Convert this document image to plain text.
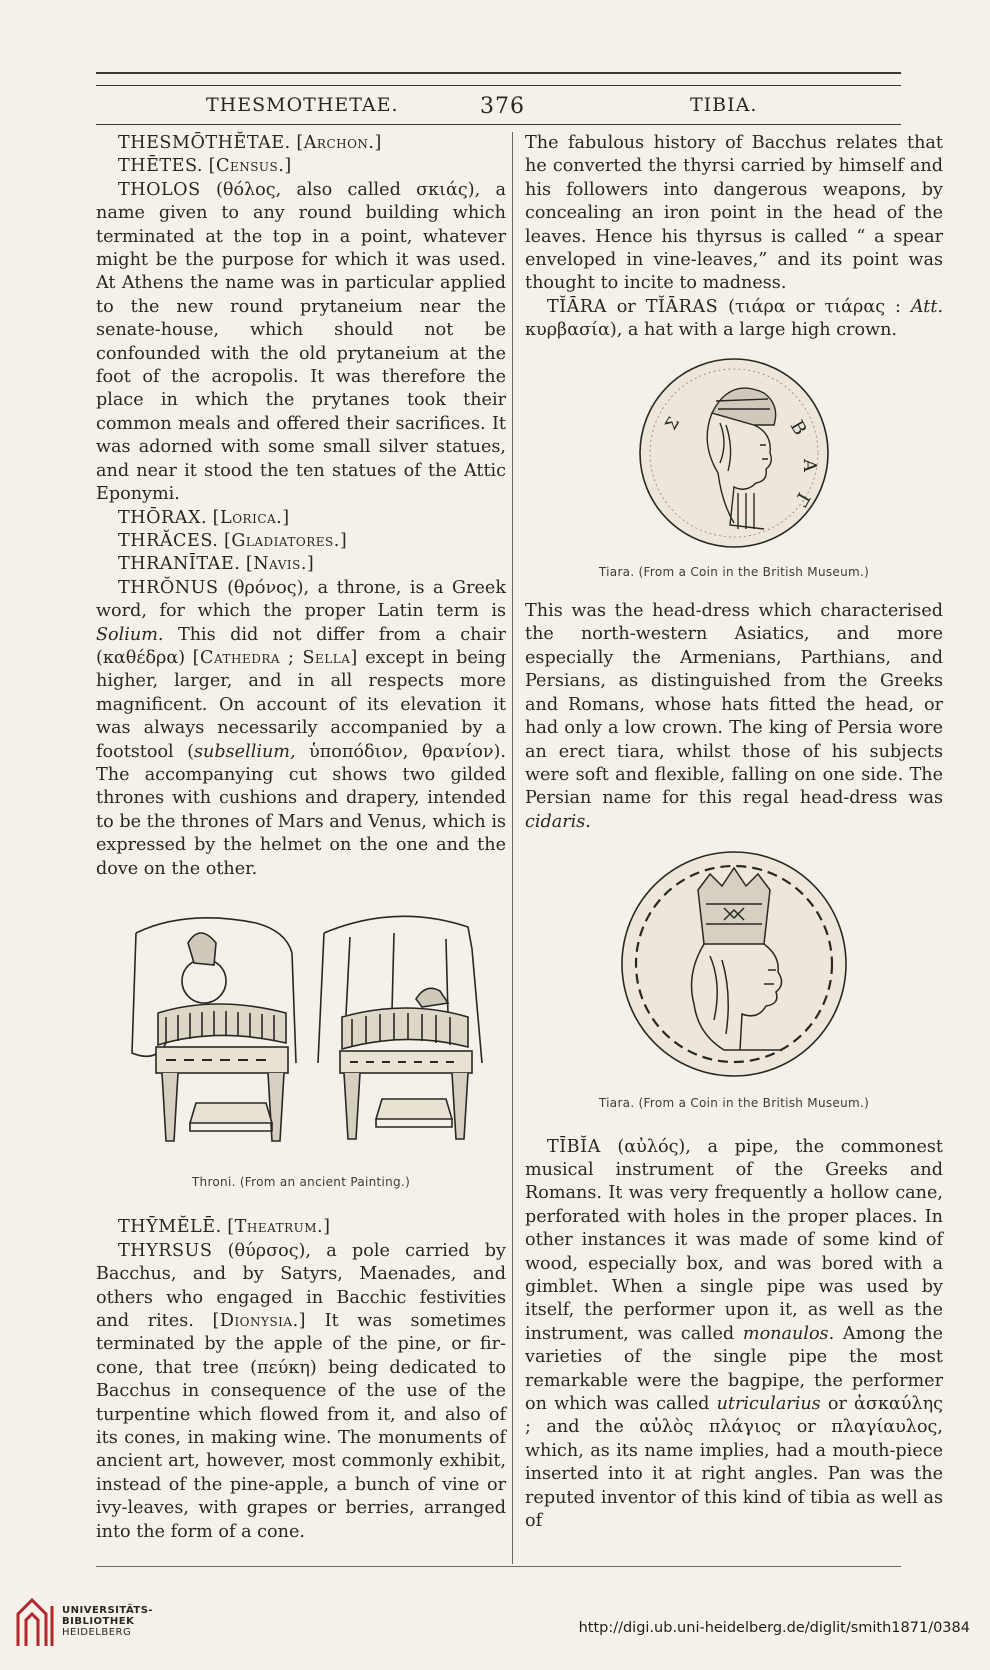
THESMOTHETAE.	376	TIBIA.

THESMŌTHĔTAE. [Archon.]

THĒTES. [Census.]

THOLOS (θόλος, also called σκιάς), a name given to any round building which terminated at the top in a point, whatever might be the purpose for which it was used. At Athens the name was in particular applied to the new round prytaneium near the senate-house, which should not be confounded with the old prytaneium at the foot of the acropolis. It was therefore the place in which the prytanes took their common meals and offered their sacrifices. It was adorned with some small silver statues, and near it stood the ten statues of the Attic Eponymi.

THŌRAX. [Lorica.]

THRĂCES. [Gladiatores.]

THRANĪTAE. [Navis.]

THRŎNUS (θρόνος), a throne, is a Greek word, for which the proper Latin term is Solium. This did not differ from a chair (καθέδρα) [Cathedra ; Sella] except in being higher, larger, and in all respects more magnificent. On account of its elevation it was always necessarily accompanied by a footstool (subsellium, ὑποπόδιον, θρανίον). The accompanying cut shows two gilded thrones with cushions and drapery, intended to be the thrones of Mars and Venus, which is expressed by the helmet on the one and the dove on the other.

Throni. (From an ancient Painting.)

THȲMĔLĒ. [Theatrum.]

THYRSUS (θύρσος), a pole carried by Bacchus, and by Satyrs, Maenades, and others who engaged in Bacchic festivities and rites. [Dionysia.] It was sometimes terminated by the apple of the pine, or fir-cone, that tree (πεύκη) being dedicated to Bacchus in consequence of the use of the turpentine which flowed from it, and also of its cones, in making wine. The monuments of ancient art, however, most commonly exhibit, instead of the pine-apple, a bunch of vine or ivy-leaves, with grapes or berries, arranged into the form of a cone.

The fabulous history of Bacchus relates that he converted the thyrsi carried by himself and his followers into dangerous weapons, by concealing an iron point in the head of the leaves. Hence his thyrsus is called “ a spear enveloped in vine-leaves,” and its point was thought to incite to madness.

TĬĀRA or TĬĀRAS (τιάρα or τιάρας : Att. κυρβασία), a hat with a large high crown.

Β
Α
Γ
Σ
Tiara. (From a Coin in the British Museum.)

This was the head-dress which characterised the north-western Asiatics, and more especially the Armenians, Parthians, and Persians, as distinguished from the Greeks and Romans, whose hats fitted the head, or had only a low crown. The king of Persia wore an erect tiara, whilst those of his subjects were soft and flexible, falling on one side. The Persian name for this regal head-dress was cidaris.

Tiara. (From a Coin in the British Museum.)

TĪBĬA (αὐλός), a pipe, the commonest musical instrument of the Greeks and Romans. It was very frequently a hollow cane, perforated with holes in the proper places. In other instances it was made of some kind of wood, especially box, and was bored with a gimblet. When a single pipe was used by itself, the performer upon it, as well as the instrument, was called monaulos. Among the varieties of the single pipe the most remarkable were the bagpipe, the performer on which was called utricularius or ἀσκαύλης ; and the αὐλὸς πλάγιος or πλαγίαυλος, which, as its name implies, had a mouth-piece inserted into it at right angles. Pan was the reputed inventor of this kind of tibia as well as of

UNIVERSITÄTS-
BIBLIOTHEK
HEIDELBERG	http://digi.ub.uni-heidelberg.de/diglit/smith1871/0384
